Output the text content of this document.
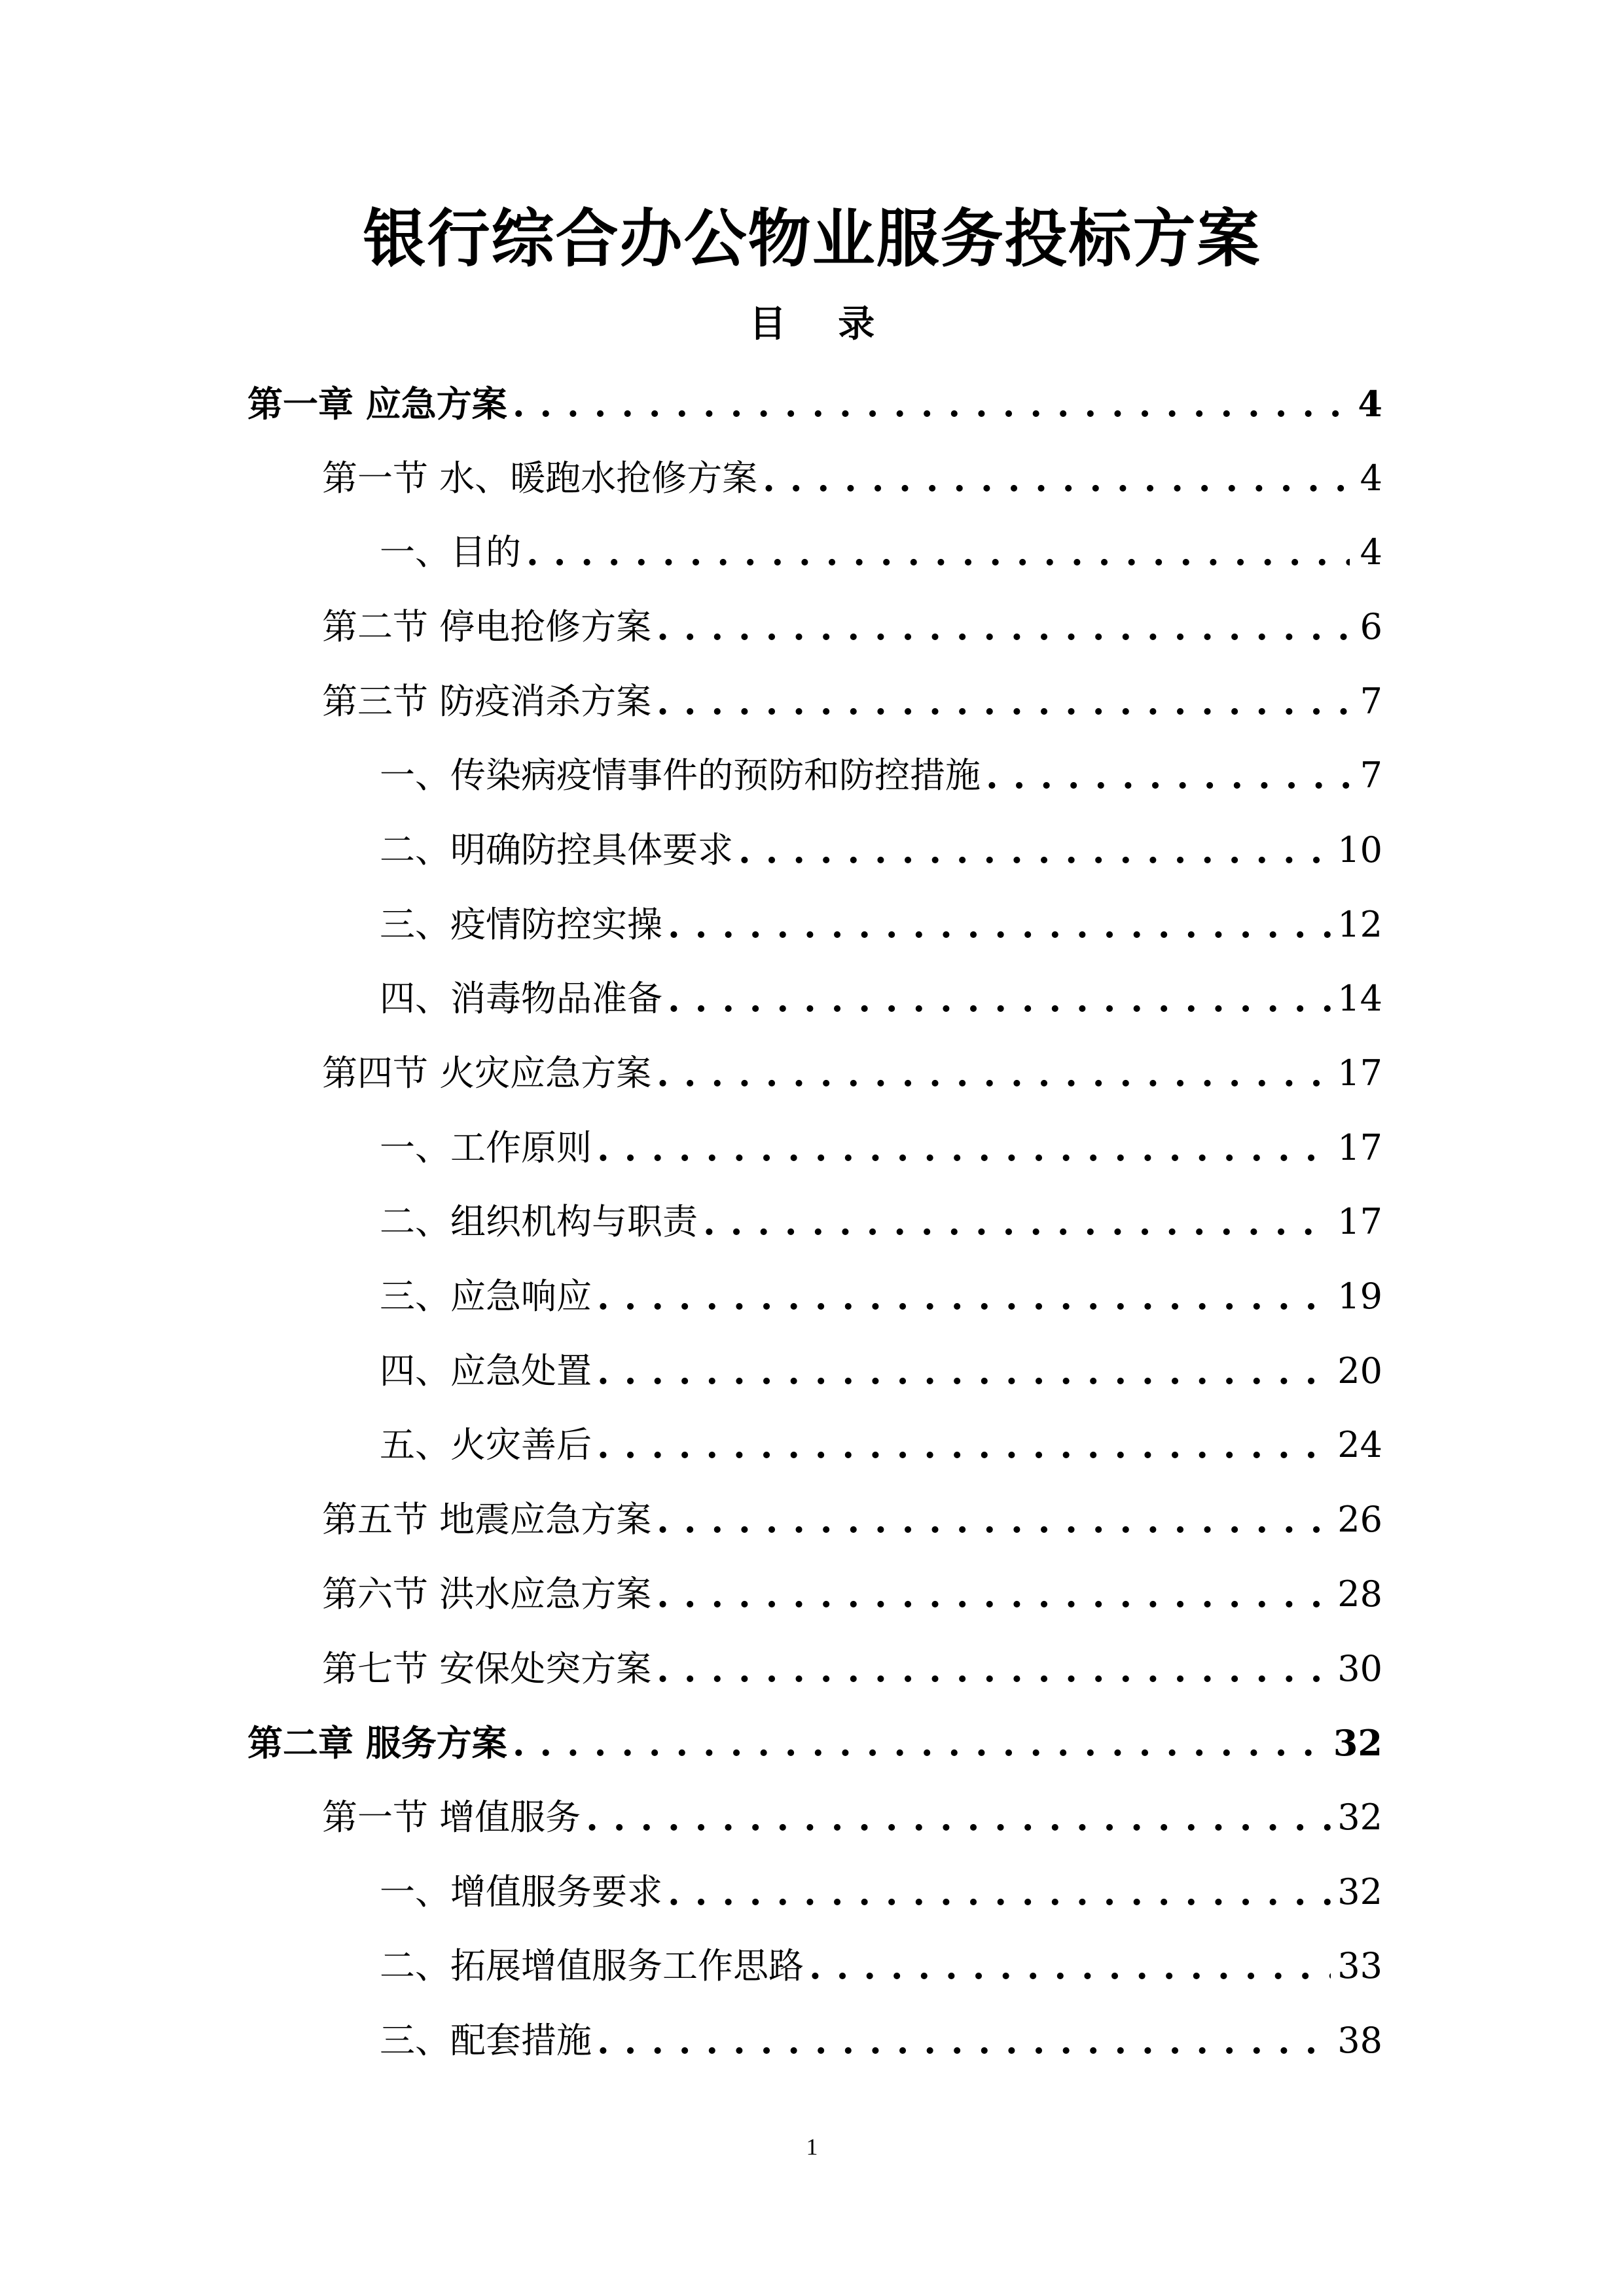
银行综合办公物业服务投标方案
目 录
第一章 应急方案 . . .	4
第一节 水、暖跑水抢修方案 . . .	4
一、目的 . . .	4
第二节 停电抢修方案 . . .	6
第三节 防疫消杀方案 . . .	7
一、传染病疫情事件的预防和防控措施 . . .	7
二、明确防控具体要求 . . .	10
三、疫情防控实操 . . .	12
四、消毒物品准备 . . .	14
第四节 火灾应急方案 . . .	17
一、工作原则 . . .	17
二、组织机构与职责 . . .	17
三、应急响应 . . .	19
四、应急处置 . . .	20
五、火灾善后 . . .	24
第五节 地震应急方案 . . .	26
第六节 洪水应急方案 . . .	28
第七节 安保处突方案 . . .	30
第二章 服务方案 . . .	32
第一节 增值服务 . . .	32
一、增值服务要求 . . .	32
二、拓展增值服务工作思路 . . .	33
三、配套措施 . . .	38
1
